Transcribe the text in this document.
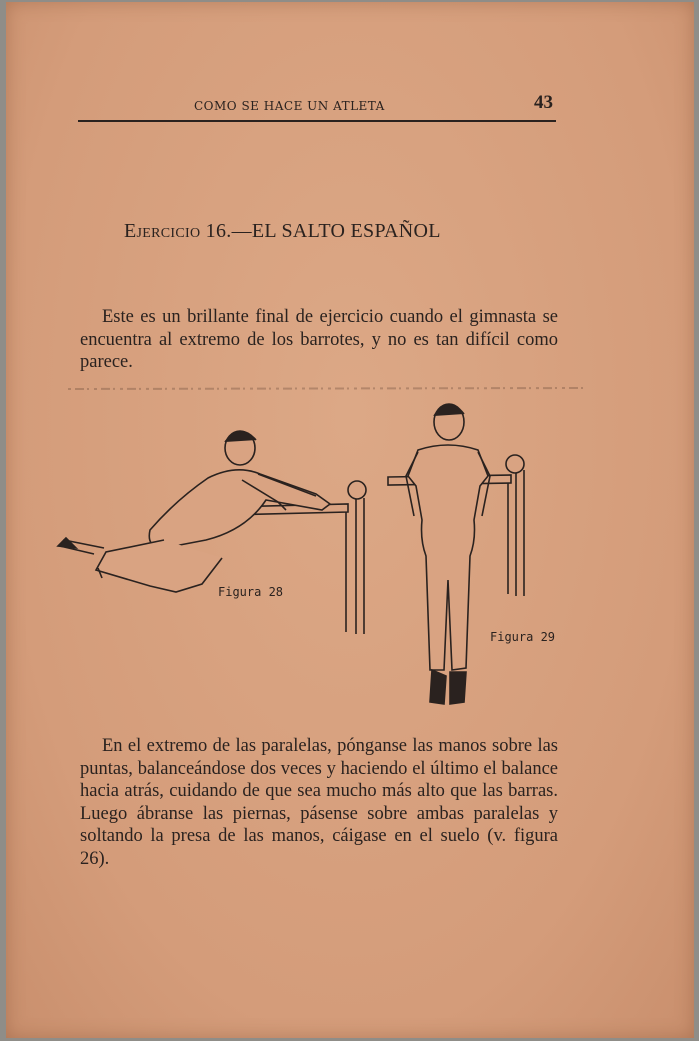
COMO SE HACE UN ATLETA	43
Ejercicio 16.—EL SALTO ESPAÑOL
Este es un brillante final de ejercicio cuando el gimnasta se encuentra al extremo de los barrotes, y no es tan difícil como parece.
Figura 28
Figura 29
En el extremo de las paralelas, pónganse las manos sobre las puntas, balanceándose dos veces y haciendo el último el balance hacia atrás, cuidando de que sea mucho más alto que las barras. Luego ábranse las piernas, pásense sobre ambas paralelas y soltando la presa de las manos, cáigase en el suelo (v. figura 26).
